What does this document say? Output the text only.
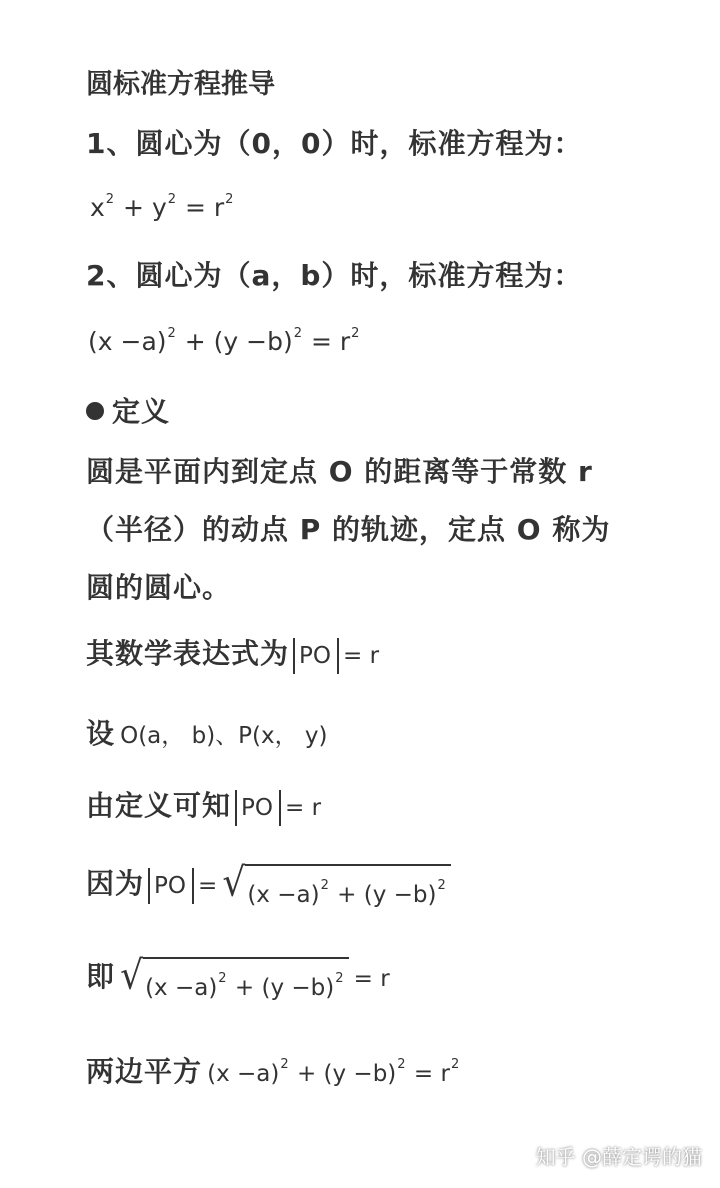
圆标准方程推导
1、圆心为（0，0）时，标准方程为：
$x^2 + y^2 = r^2$
2、圆心为（a，b）时，标准方程为：
$(x -a)^2 + (y -b)^2 = r^2$
定义
圆是平面内到定点 O 的距离等于常数 r
（半径）的动点 P 的轨迹，定点 O 称为
圆的圆心。
其数学表达式为 PO = r
设 O(a， b)、P(x， y)
由定义可知 PO = r
因为 PO = √ $(x -a)^2 + (y -b)^2$
即 √ $(x -a)^2 + (y -b)^2 = r$
两边平方 $(x -a)^2 + (y -b)^2 = r^2$
知乎 @薛定谔的猫
